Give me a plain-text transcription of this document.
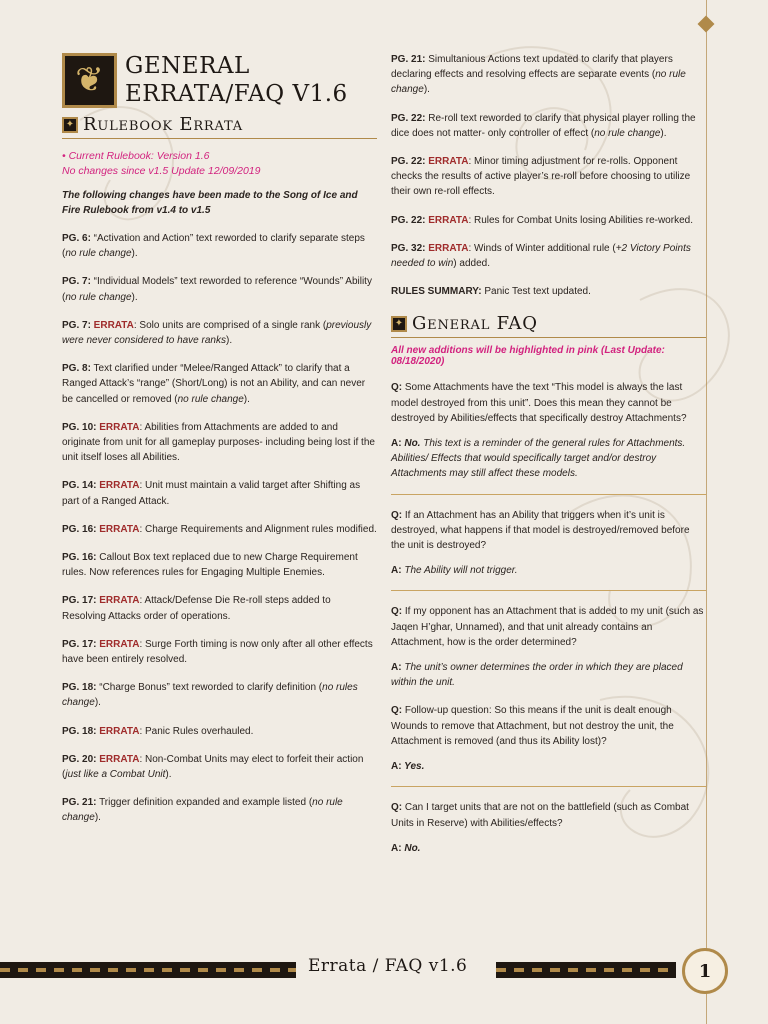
❦ GENERAL
ERRATA/FAQ V1.6
✦ Rulebook Errata
• Current Rulebook: Version 1.6
No changes since v1.5 Update 12/09/2019
The following changes have been made to the Song of Ice and Fire Rulebook from v1.4 to v1.5
PG. 6: “Activation and Action” text reworded to clarify separate steps (no rule change).
PG. 7: “Individual Models” text reworded to reference “Wounds” Ability (no rule change).
PG. 7: ERRATA: Solo units are comprised of a single rank (previously were never considered to have ranks).
PG. 8: Text clarified under “Melee/Ranged Attack” to clarify that a Ranged Attack’s “range” (Short/Long) is not an Ability, and can never be cancelled or removed (no rule change).
PG. 10: ERRATA: Abilities from Attachments are added to and originate from unit for all gameplay purposes- including being lost if the unit itself loses all Abilities.
PG. 14: ERRATA: Unit must maintain a valid target after Shifting as part of a Ranged Attack.
PG. 16: ERRATA: Charge Requirements and Alignment rules modified.
PG. 16: Callout Box text replaced due to new Charge Requirement rules. Now references rules for Engaging Multiple Enemies.
PG. 17: ERRATA: Attack/Defense Die Re-roll steps added to Resolving Attacks order of operations.
PG. 17: ERRATA: Surge Forth timing is now only after all other effects have been entirely resolved.
PG. 18: “Charge Bonus” text reworded to clarify definition (no rules change).
PG. 18: ERRATA: Panic Rules overhauled.
PG. 20: ERRATA: Non-Combat Units may elect to forfeit their action (just like a Combat Unit).
PG. 21: Trigger definition expanded and example listed (no rule change).
PG. 21: Simultanious Actions text updated to clarify that players declaring effects and resolving effects are separate events (no rule change).
PG. 22: Re-roll text reworded to clarify that physical player rolling the dice does not matter- only controller of effect (no rule change).
PG. 22: ERRATA: Minor timing adjustment for re-rolls. Opponent checks the results of active player’s re-roll before choosing to utilize their own re-roll effects.
PG. 22: ERRATA: Rules for Combat Units losing Abilities re-worked.
PG. 32: ERRATA: Winds of Winter additional rule (+2 Victory Points needed to win) added.
RULES SUMMARY: Panic Test text updated.
✦ General FAQ
All new additions will be highlighted in pink (Last Update: 08/18/2020)
Q: Some Attachments have the text “This model is always the last model destroyed from this unit”. Does this mean they cannot be destroyed by Abilities/effects that specifically destroy Attachments?
A: No. This text is a reminder of the general rules for Attachments. Abilities/ Effects that would specifically target and/or destroy Attachments may still affect these models.
Q: If an Attachment has an Ability that triggers when it’s unit is destroyed, what happens if that model is destroyed/removed before the unit is destroyed?
A: The Ability will not trigger.
Q: If my opponent has an Attachment that is added to my unit (such as Jaqen H’ghar, Unnamed), and that unit already contains an Attachment, how is the order determined?
A: The unit’s owner determines the order in which they are placed within the unit.
Q: Follow-up question: So this means if the unit is dealt enough Wounds to remove that Attachment, but not destroy the unit, the Attachment is removed (and thus its Ability lost)?
A: Yes.
Q: Can I target units that are not on the battlefield (such as Combat Units in Reserve) with Abilities/effects?
A: No.
Errata / FAQ v1.6	1
